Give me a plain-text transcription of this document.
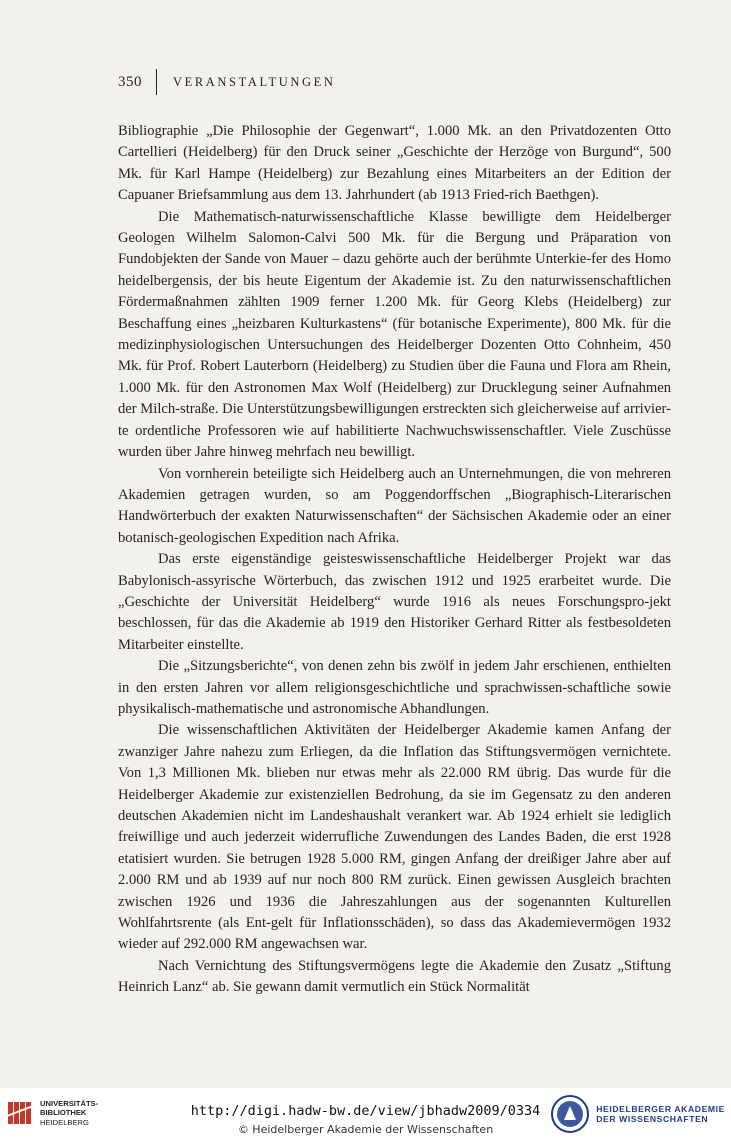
350 VERANSTALTUNGEN

Bibliographie „Die Philosophie der Gegenwart“, 1.000 Mk. an den Privatdozenten Otto Cartellieri (Heidelberg) für den Druck seiner „Geschichte der Herzöge von Burgund“, 500 Mk. für Karl Hampe (Heidelberg) zur Bezahlung eines Mitarbeiters an der Edition der Capuaner Briefsammlung aus dem 13. Jahrhundert (ab 1913 Fried-rich Baethgen).

Die Mathematisch-naturwissenschaftliche Klasse bewilligte dem Heidelberger Geologen Wilhelm Salomon-Calvi 500 Mk. für die Bergung und Präparation von Fundobjekten der Sande von Mauer – dazu gehörte auch der berühmte Unterkie-fer des Homo heidelbergensis, der bis heute Eigentum der Akademie ist. Zu den naturwissenschaftlichen Fördermaßnahmen zählten 1909 ferner 1.200 Mk. für Georg Klebs (Heidelberg) zur Beschaffung eines „heizbaren Kulturkastens“ (für botanische Experimente), 800 Mk. für die medizinphysiologischen Untersuchungen des Heidelberger Dozenten Otto Cohnheim, 450 Mk. für Prof. Robert Lauterborn (Heidelberg) zu Studien über die Fauna und Flora am Rhein, 1.000 Mk. für den Astronomen Max Wolf (Heidelberg) zur Drucklegung seiner Aufnahmen der Milch-straße. Die Unterstützungsbewilligungen erstreckten sich gleicherweise auf arrivier-te ordentliche Professoren wie auf habilitierte Nachwuchswissenschaftler. Viele Zuschüsse wurden über Jahre hinweg mehrfach neu bewilligt.

Von vornherein beteiligte sich Heidelberg auch an Unternehmungen, die von mehreren Akademien getragen wurden, so am Poggendorffschen „Biographisch-Literarischen Handwörterbuch der exakten Naturwissenschaften“ der Sächsischen Akademie oder an einer botanisch-geologischen Expedition nach Afrika.

Das erste eigenständige geisteswissenschaftliche Heidelberger Projekt war das Babylonisch-assyrische Wörterbuch, das zwischen 1912 und 1925 erarbeitet wurde. Die „Geschichte der Universität Heidelberg“ wurde 1916 als neues Forschungspro-jekt beschlossen, für das die Akademie ab 1919 den Historiker Gerhard Ritter als festbesoldeten Mitarbeiter einstellte.

Die „Sitzungsberichte“, von denen zehn bis zwölf in jedem Jahr erschienen, enthielten in den ersten Jahren vor allem religionsgeschichtliche und sprachwissen-schaftliche sowie physikalisch-mathematische und astronomische Abhandlungen.

Die wissenschaftlichen Aktivitäten der Heidelberger Akademie kamen Anfang der zwanziger Jahre nahezu zum Erliegen, da die Inflation das Stiftungsvermögen vernichtete. Von 1,3 Millionen Mk. blieben nur etwas mehr als 22.000 RM übrig. Das wurde für die Heidelberger Akademie zur existenziellen Bedrohung, da sie im Gegensatz zu den anderen deutschen Akademien nicht im Landeshaushalt verankert war. Ab 1924 erhielt sie lediglich freiwillige und auch jederzeit widerrufliche Zuwendungen des Landes Baden, die erst 1928 etatisiert wurden. Sie betrugen 1928 5.000 RM, gingen Anfang der dreißiger Jahre aber auf 2.000 RM und ab 1939 auf nur noch 800 RM zurück. Einen gewissen Ausgleich brachten zwischen 1926 und 1936 die Jahreszahlungen aus der sogenannten Kulturellen Wohlfahrtsrente (als Ent-gelt für Inflationsschäden), so dass das Akademievermögen 1932 wieder auf 292.000 RM angewachsen war.

Nach Vernichtung des Stiftungsvermögens legte die Akademie den Zusatz „Stiftung Heinrich Lanz“ ab. Sie gewann damit vermutlich ein Stück Normalität

UNIVERSITÄTS-
BIBLIOTHEK
HEIDELBERG
http://digi.hadw-bw.de/view/jbhadw2009/0334
© Heidelberger Akademie der Wissenschaften
HEIDELBERGER AKADEMIE
DER WISSENSCHAFTEN
